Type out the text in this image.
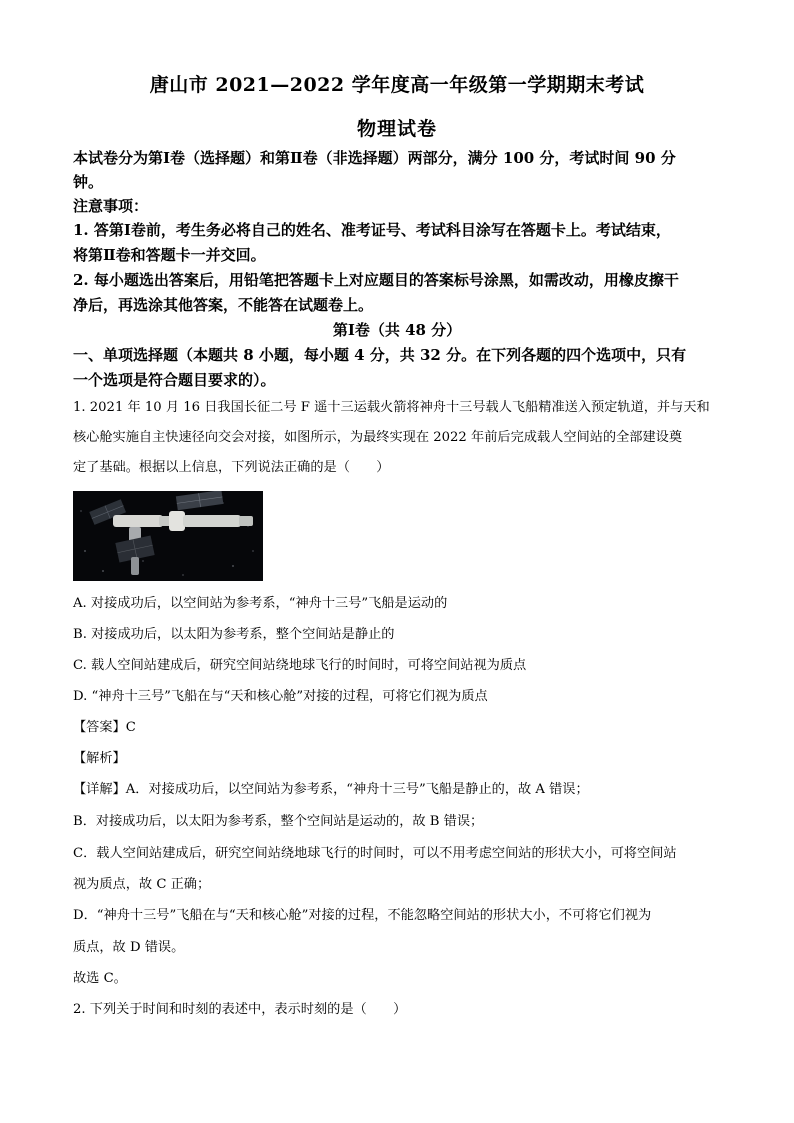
唐山市 2021—2022 学年度高一年级第一学期期末考试
物理试卷
本试卷分为第Ⅰ卷（选择题）和第Ⅱ卷（非选择题）两部分，满分 100 分，考试时间 90 分
钟。
注意事项：
1. 答第Ⅰ卷前，考生务必将自己的姓名、准考证号、考试科目涂写在答题卡上。考试结束，
将第Ⅱ卷和答题卡一并交回。
2. 每小题选出答案后，用铅笔把答题卡上对应题目的答案标号涂黑，如需改动，用橡皮擦干
净后，再选涂其他答案，不能答在试题卷上。
第Ⅰ卷（共 48 分）
一、单项选择题（本题共 8 小题，每小题 4 分，共 32 分。在下列各题的四个选项中，只有
一个选项是符合题目要求的）。
1. 2021 年 10 月 16 日我国长征二号 F 遥十三运载火箭将神舟十三号载人飞船精准送入预定轨道，并与天和
核心舱实施自主快速径向交会对接，如图所示，为最终实现在 2022 年前后完成载人空间站的全部建设奠
定了基础。根据以上信息，下列说法正确的是（　　）
A. 对接成功后，以空间站为参考系，“神舟十三号”飞船是运动的
B. 对接成功后，以太阳为参考系，整个空间站是静止的
C. 载人空间站建成后，研究空间站绕地球飞行的时间时，可将空间站视为质点
D. “神舟十三号”飞船在与“天和核心舱”对接的过程，可将它们视为质点
【答案】C
【解析】
【详解】A．对接成功后，以空间站为参考系，“神舟十三号”飞船是静止的，故 A 错误；
B．对接成功后，以太阳为参考系，整个空间站是运动的，故 B 错误；
C．载人空间站建成后，研究空间站绕地球飞行的时间时，可以不用考虑空间站的形状大小，可将空间站
视为质点，故 C 正确；
D．“神舟十三号”飞船在与“天和核心舱”对接的过程，不能忽略空间站的形状大小，不可将它们视为
质点，故 D 错误。
故选 C。
2. 下列关于时间和时刻的表述中，表示时刻的是（　　）
